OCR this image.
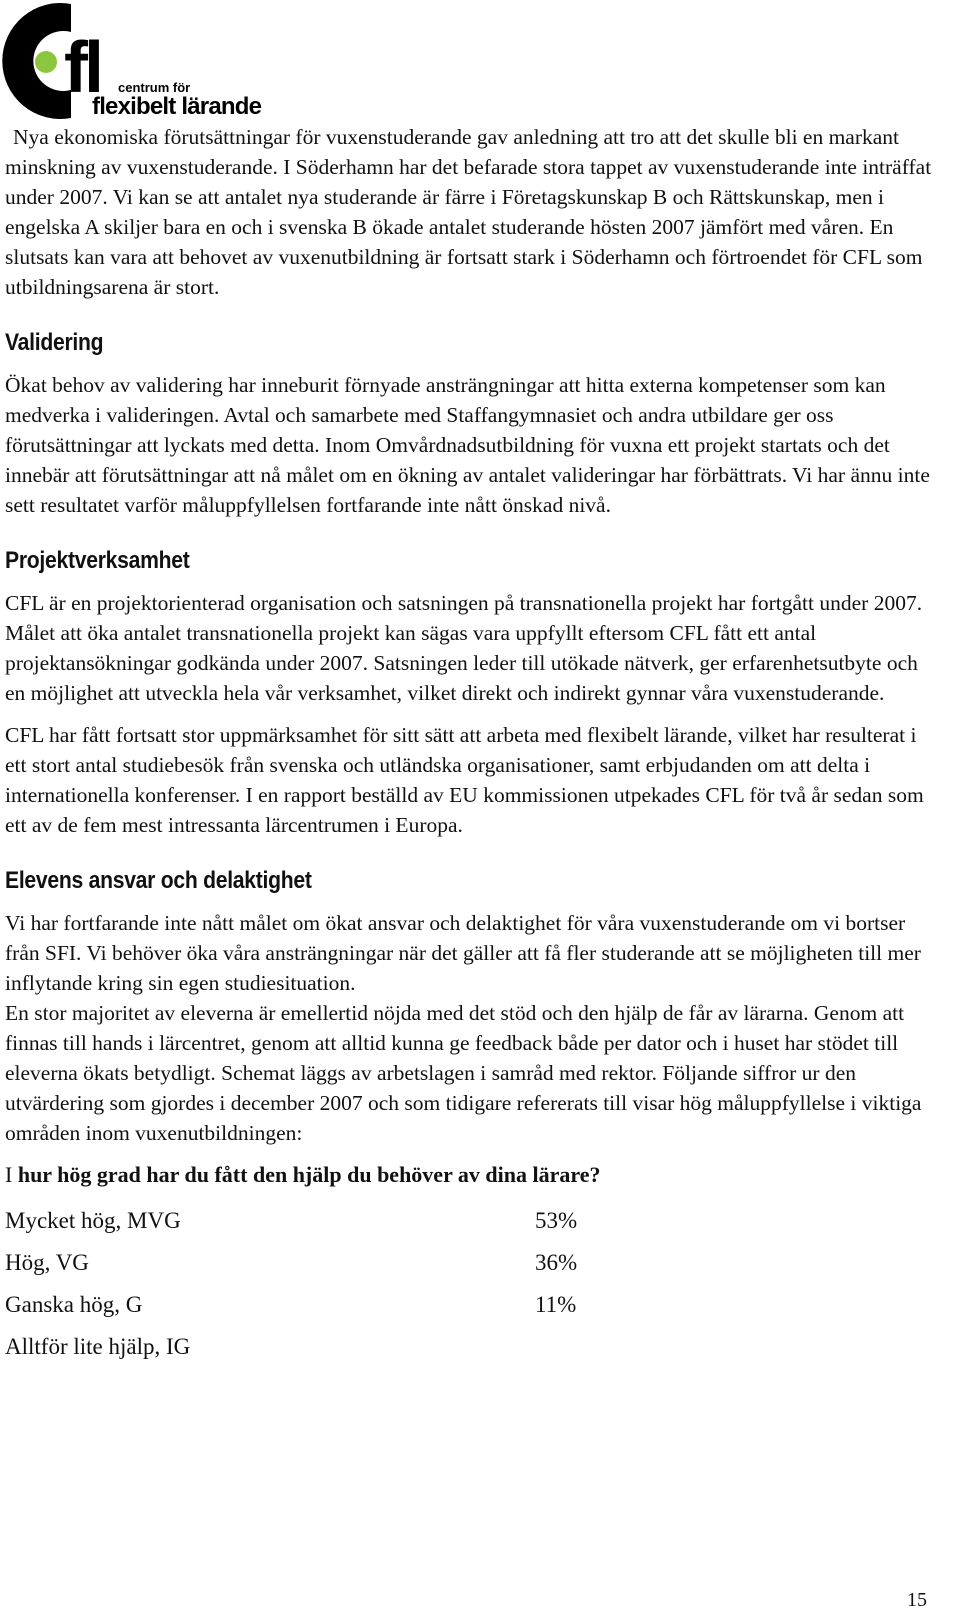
fl centrum för
flexibelt lärande

Nya ekonomiska förutsättningar för vuxenstuderande gav anledning att tro att det skulle bli en markant minskning av vuxenstuderande. I Söderhamn har det befarade stora tappet av vuxenstuderande inte inträffat under 2007. Vi kan se att antalet nya studerande är färre i Företagskunskap B och Rättskunskap, men i engelska A skiljer bara en och i svenska B ökade antalet studerande hösten 2007 jämfört med våren. En slutsats kan vara att behovet av vuxenutbildning är fortsatt stark i Söderhamn och förtroendet för CFL som utbildningsarena är stort.

Validering

Ökat behov av validering har inneburit förnyade ansträngningar att hitta externa kompetenser som kan medverka i valideringen. Avtal och samarbete med Staffangymnasiet och andra utbildare ger oss förutsättningar att lyckats med detta. Inom Omvårdnadsutbildning för vuxna ett projekt startats och det innebär att förutsättningar att nå målet om en ökning av antalet valideringar har förbättrats. Vi har ännu inte sett resultatet varför måluppfyllelsen fortfarande inte nått önskad nivå.

Projektverksamhet

CFL är en projektorienterad organisation och satsningen på transnationella projekt har fortgått under 2007. Målet att öka antalet transnationella projekt kan sägas vara uppfyllt eftersom CFL fått ett antal projektansökningar godkända under 2007. Satsningen leder till utökade nätverk, ger erfarenhetsutbyte och en möjlighet att utveckla hela vår verksamhet, vilket direkt och indirekt gynnar våra vuxenstuderande.

CFL har fått fortsatt stor uppmärksamhet för sitt sätt att arbeta med flexibelt lärande, vilket har resulterat i ett stort antal studiebesök från svenska och utländska organisationer, samt erbjudanden om att delta i internationella konferenser. I en rapport beställd av EU kommissionen utpekades CFL för två år sedan som ett av de fem mest intressanta lärcentrumen i Europa.

Elevens ansvar och delaktighet

Vi har fortfarande inte nått målet om ökat ansvar och delaktighet för våra vuxenstuderande om vi bortser från SFI. Vi behöver öka våra ansträngningar när det gäller att få fler studerande att se möjligheten till mer inflytande kring sin egen studiesituation.

En stor majoritet av eleverna är emellertid nöjda med det stöd och den hjälp de får av lärarna. Genom att finnas till hands i lärcentret, genom att alltid kunna ge feedback både per dator och i huset har stödet till eleverna ökats betydligt. Schemat läggs av arbetslagen i samråd med rektor. Följande siffror ur den utvärdering som gjordes i december 2007 och som tidigare refererats till visar hög måluppfyllelse i viktiga områden inom vuxenutbildningen:

I hur hög grad har du fått den hjälp du behöver av dina lärare?

Mycket hög, MVG	53%
Hög, VG	36%
Ganska hög, G	11%
Alltför lite hjälp, IG
15
